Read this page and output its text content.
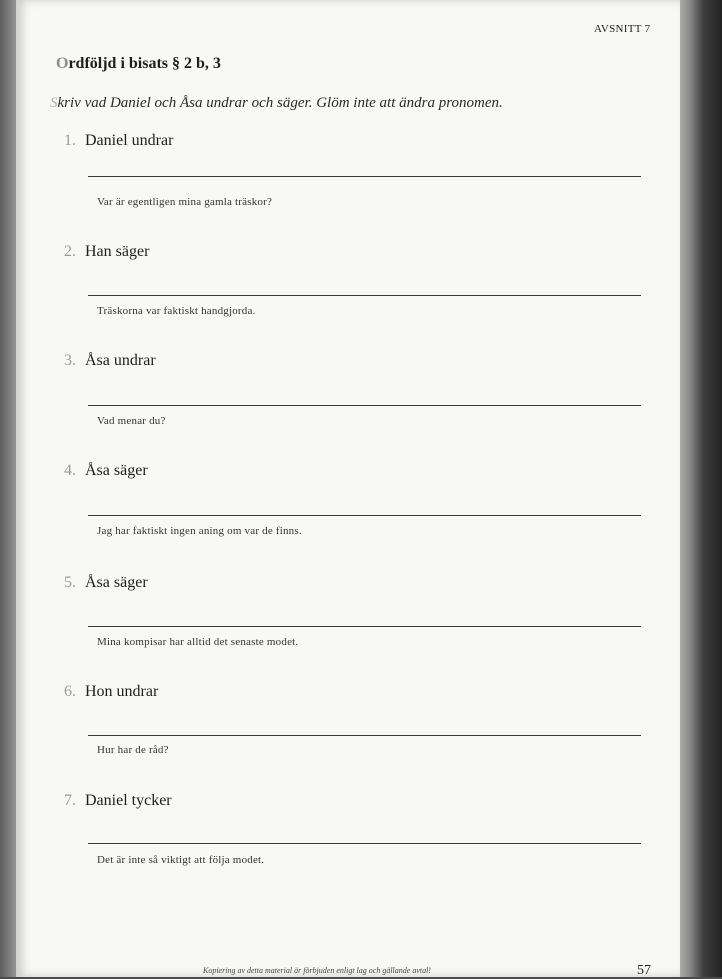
AVSNITT 7
Ordföljd i bisats § 2 b, 3
Skriv vad Daniel och Åsa undrar och säger. Glöm inte att ändra pronomen.
1. Daniel undrar
Var är egentligen mina gamla träskor?
2. Han säger
Träskorna var faktiskt handgjorda.
3. Åsa undrar
Vad menar du?
4. Åsa säger
Jag har faktiskt ingen aning om var de finns.
5. Åsa säger
Mina kompisar har alltid det senaste modet.
6. Hon undrar
Hur har de råd?
7. Daniel tycker
Det är inte så viktigt att följa modet.
Kopiering av detta material är förbjuden enligt lag och gällande avtal!	57
